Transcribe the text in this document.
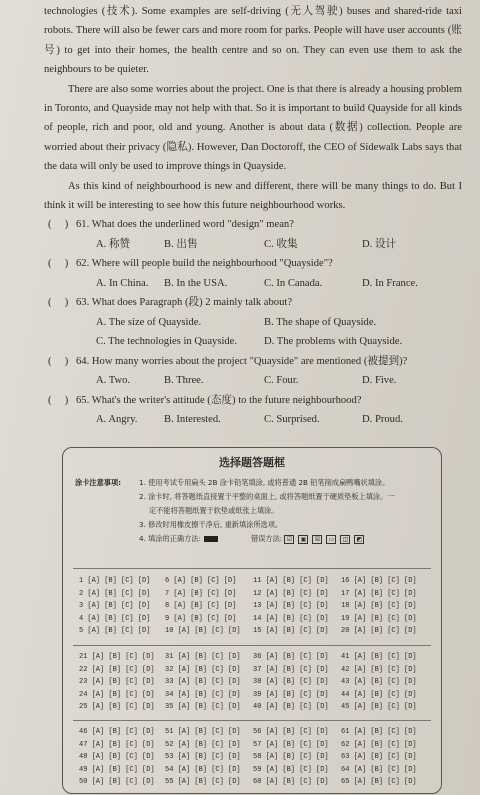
technologies (技术). Some examples are self-driving (无人驾驶) buses and shared-ride taxi robots. There will also be fewer cars and more room for parks. People will have user accounts (账号) to get into their homes, the health centre and so on. They can even use them to ask the neighbours to be quieter.

There are also some worries about the project. One is that there is already a housing problem in Toronto, and Quayside may not help with that. So it is important to build Quayside for all kinds of people, rich and poor, old and young. Another is about data (数据) collection. People are worried about their privacy (隐私). However, Dan Doctoroff, the CEO of Sidewalk Labs says that the data will only be used to improve things in Quayside.

As this kind of neighbourhood is new and different, there will be many things to do. But I think it will be interesting to see how this future neighbourhood works.

( ) 61. What does the underlined word "design" mean?
A. 称赞	B. 出售	C. 收集	D. 设计
( ) 62. Where will people build the neighbourhood "Quayside"?
A. In China. B. In the USA.	C. In Canada.	D. In France.
( ) 63. What does Paragraph (段) 2 mainly talk about?
A. The size of Quayside.	B. The shape of Quayside.
C. The technologies in Quayside.	D. The problems with Quayside.
( ) 64. How many worries about the project "Quayside" are mentioned (被提到)?
A. Two.	B. Three.	C. Four.	D. Five.
( ) 65. What's the writer's attitude (态度) to the future neighbourhood?
A. Angry.	B. Interested.	C. Surprised.	D. Proud.
选择题答题框
涂卡注意事项:	1. 使用考试专用扁头 2B 涂卡铅笔填涂, 或将普通 2B 铅笔削成扁鸭嘴状填涂。
2. 涂卡时, 将答题纸直接置于平整的桌面上, 或将答题纸置于硬质垫板上填涂。一
定不能将答题纸置于软垫或纸张上填涂。
3. 修改时用橡皮擦干净后, 重新填涂所选项。
4. 填涂的正确方法:	错误方法: ☑ ▣ ☒ ▭ ◫ ◩
1 [A] [B] [C] [D]
2 [A] [B] [C] [D]
3 [A] [B] [C] [D]
4 [A] [B] [C] [D]
5 [A] [B] [C] [D]
6 [A] [B] [C] [D]
7 [A] [B] [C] [D]
8 [A] [B] [C] [D]
9 [A] [B] [C] [D]
10 [A] [B] [C] [D]
11 [A] [B] [C] [D]
12 [A] [B] [C] [D]
13 [A] [B] [C] [D]
14 [A] [B] [C] [D]
15 [A] [B] [C] [D]
16 [A] [B] [C] [D]
17 [A] [B] [C] [D]
18 [A] [B] [C] [D]
19 [A] [B] [C] [D]
20 [A] [B] [C] [D]
21 [A] [B] [C] [D]
22 [A] [B] [C] [D]
23 [A] [B] [C] [D]
24 [A] [B] [C] [D]
25 [A] [B] [C] [D]
31 [A] [B] [C] [D]
32 [A] [B] [C] [D]
33 [A] [B] [C] [D]
34 [A] [B] [C] [D]
35 [A] [B] [C] [D]
36 [A] [B] [C] [D]
37 [A] [B] [C] [D]
38 [A] [B] [C] [D]
39 [A] [B] [C] [D]
40 [A] [B] [C] [D]
41 [A] [B] [C] [D]
42 [A] [B] [C] [D]
43 [A] [B] [C] [D]
44 [A] [B] [C] [D]
45 [A] [B] [C] [D]
46 [A] [B] [C] [D]
47 [A] [B] [C] [D]
48 [A] [B] [C] [D]
49 [A] [B] [C] [D]
50 [A] [B] [C] [D]
51 [A] [B] [C] [D]
52 [A] [B] [C] [D]
53 [A] [B] [C] [D]
54 [A] [B] [C] [D]
55 [A] [B] [C] [D]
56 [A] [B] [C] [D]
57 [A] [B] [C] [D]
58 [A] [B] [C] [D]
59 [A] [B] [C] [D]
60 [A] [B] [C] [D]
61 [A] [B] [C] [D]
62 [A] [B] [C] [D]
63 [A] [B] [C] [D]
64 [A] [B] [C] [D]
65 [A] [B] [C] [D]
